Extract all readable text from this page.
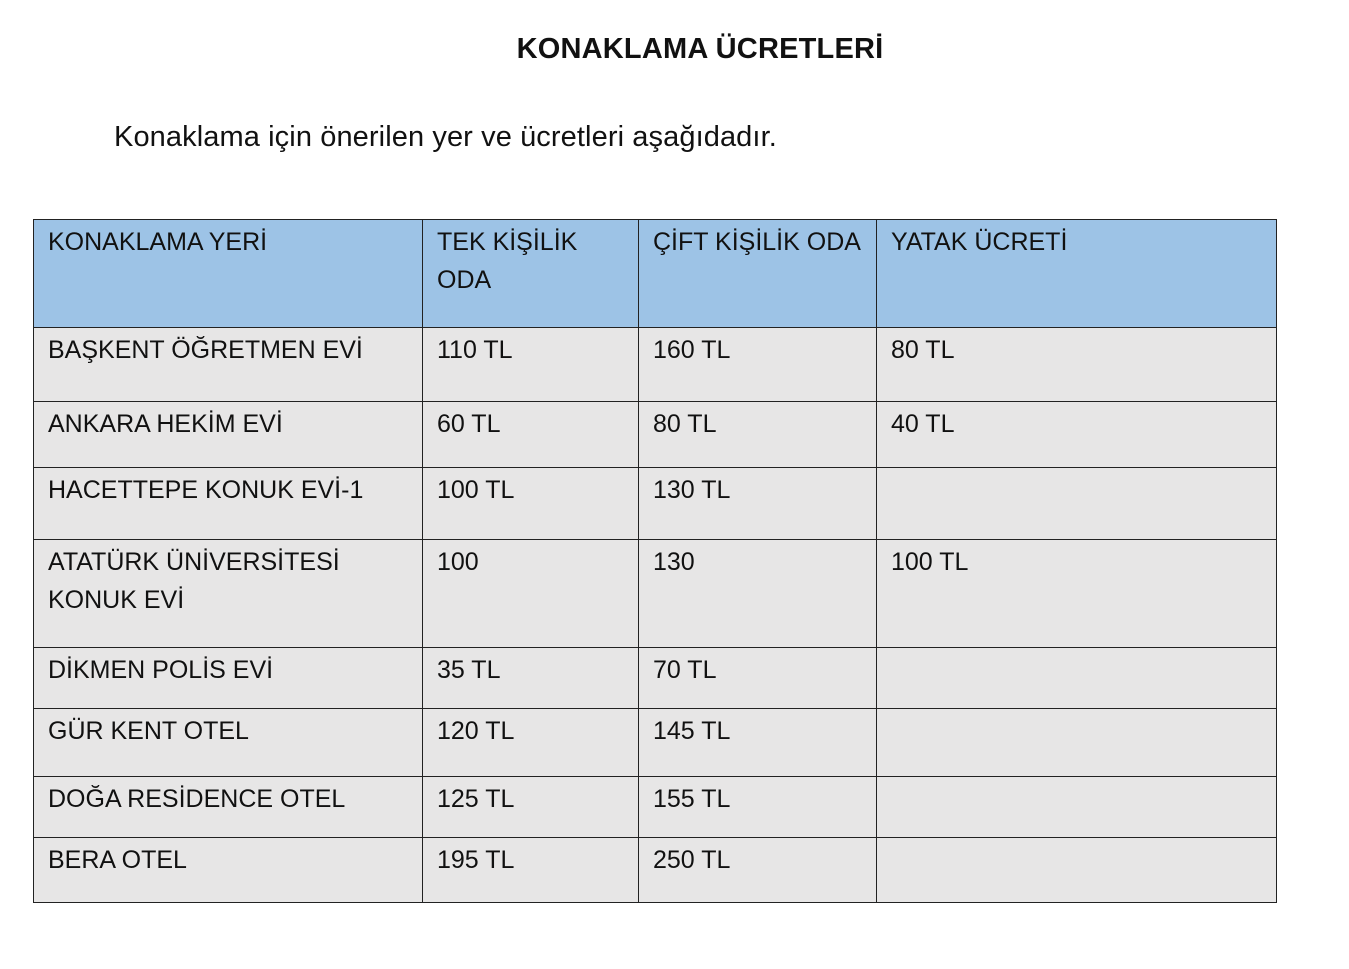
KONAKLAMA ÜCRETLERİ
Konaklama için önerilen yer ve ücretleri aşağıdadır.
KONAKLAMA YERİ	TEK KİŞİLİK ODA	ÇİFT KİŞİLİK ODA	YATAK ÜCRETİ
BAŞKENT ÖĞRETMEN EVİ	110 TL	160 TL	80 TL
ANKARA HEKİM EVİ	60 TL	80 TL	40 TL
HACETTEPE KONUK EVİ-1	100 TL	130 TL	
ATATÜRK ÜNİVERSİTESİ KONUK EVİ	100	130	100 TL
DİKMEN POLİS EVİ	35 TL	70 TL	
GÜR KENT OTEL	120 TL	145 TL	
DOĞA RESİDENCE OTEL	125 TL	155 TL	
BERA OTEL	195 TL	250 TL	
